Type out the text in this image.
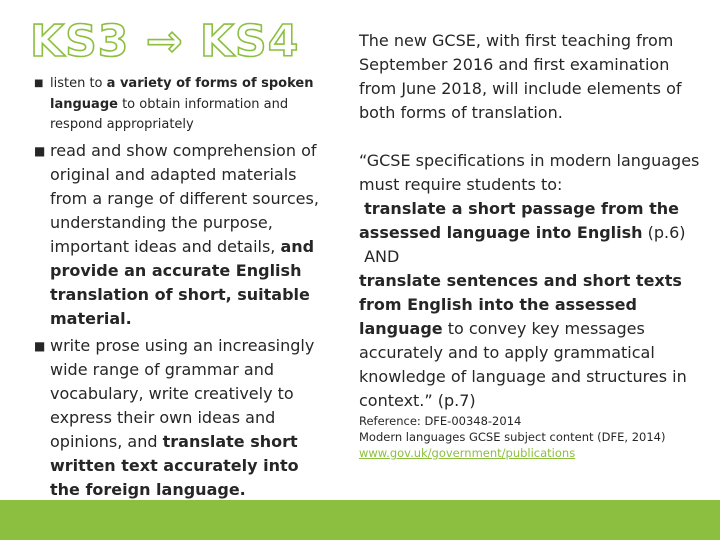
KS3 → KS4
■ listen to a variety of forms of spoken language to obtain information and respond appropriately
■ read and show comprehension of original and adapted materials from a range of different sources, understanding the purpose, important ideas and details, and provide an accurate English translation of short, suitable material.
■ write prose using an increasingly wide range of grammar and vocabulary, write creatively to express their own ideas and opinions, and translate short written text accurately into the foreign language.

The new GCSE, with first teaching from September 2016 and first examination from June 2018, will include elements of both forms of translation.

“GCSE specifications in modern languages must require students to:

translate a short passage from the assessed language into English (p.6)

AND

translate sentences and short texts from English into the assessed language to convey key messages accurately and to apply grammatical knowledge of language and structures in context.” (p.7)

Reference: DFE-00348-2014
Modern languages GCSE subject content (DFE, 2014)
www.gov.uk/government/publications
